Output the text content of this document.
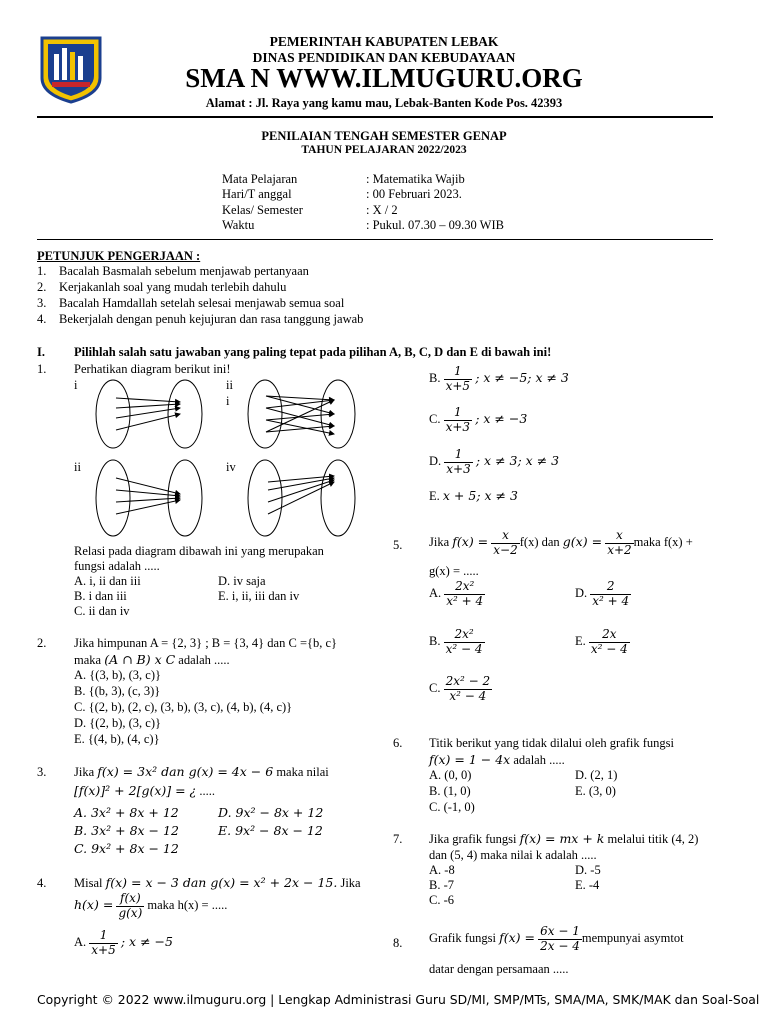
PEMERINTAH KABUPATEN LEBAK
DINAS PENDIDIKAN DAN KEBUDAYAAN
SMA N WWW.ILMUGURU.ORG
Alamat : Jl. Raya yang kamu mau, Lebak-Banten Kode Pos. 42393
PENILAIAN TENGAH SEMESTER GENAP
TAHUN PELAJARAN 2022/2023
Mata Pelajaran	: Matematika Wajib
Hari/T anggal	: 00 Februari 2023.
Kelas/ Semester	: X / 2
Waktu	: Pukul. 07.30 – 09.30 WIB
PETUNJUK PENGERJAAN :
1. Bacalah Basmalah sebelum menjawab pertanyaan
2. Kerjakanlah soal yang mudah terlebih dahulu
3. Bacalah Hamdallah setelah selesai menjawab semua soal
4. Bekerjalah dengan penuh kejujuran dan rasa tanggung jawab
I. Pilihlah salah satu jawaban yang paling tepat pada pilihan A, B, C, D dan E di bawah ini!
1. Perhatikan diagram berikut ini!
i	ii
i
ii	iv
Relasi pada diagram dibawah ini yang merupakan
fungsi adalah .....
A. i, ii dan iii	D. iv saja
B. i dan iii	E. i, ii, iii dan iv
C. ii dan iv
2. Jika himpunan A = {2, 3} ; B = {3, 4} dan C ={b, c}
maka (A ∩ B) x C adalah .....
A. {(3, b), (3, c)}
B. {(b, 3), (c, 3)}
C. {(2, b), (2, c), (3, b), (3, c), (4, b), (4, c)}
D. {(2, b), (3, c)}
E. {(4, b), (4, c)}
3. Jika f(x) = 3x² dan g(x) = 4x − 6 maka nilai
[f(x)]² + 2[g(x)] = ¿ .....
A. 3x² + 8x + 12	D. 9x² − 8x + 12
B. 3x² + 8x − 12	E. 9x² − 8x − 12
C. 9x² + 8x − 12
4. Misal f(x) = x − 3 dan g(x) = x² + 2x − 15. Jika
$h(x) = \frac{f(x)}{g(x)}$ maka h(x) = .....
A. $\frac{1}{x+5}$ ; x ≠ −5
B. $\frac{1}{x+5}$ ; x ≠ −5; x ≠ 3
C. $\frac{1}{x+3}$ ; x ≠ −3
D. $\frac{1}{x+3}$ ; x ≠ 3; x ≠ 3
E. x + 5; x ≠ 3
5. Jika $f(x) = \frac{x}{x-2} f(x)$ dan $g(x) = \frac{x}{x+2}$ maka f(x) +
g(x) = .....
A. $\frac{\text{2x²}}{\text{x² + 4}}$	D. $\frac{2}{\text{x² + 4}}$
B. $\frac{\text{2x²}}{\text{x² − 4}}$	E. $\frac{2x}{\text{x² − 4}}$
C. $\frac{\text{2x² − 2}}{\text{x² − 4}}$
6. Titik berikut yang tidak dilalui oleh grafik fungsi
f(x) = 1 − 4x adalah .....
A. (0, 0)	D. (2, 1)
B. (1, 0)	E. (3, 0)
C. (-1, 0)
7. Jika grafik fungsi f(x) = mx + k melalui titik (4, 2)
dan (5, 4) maka nilai k adalah .....
A. -8	D. -5
B. -7	E. -4
C. -6
8. Grafik fungsi $f(x) = \frac{6x - 1}{2x - 4}$ mempunyai asymtot
datar dengan persamaan .....
Copyright © 2022 www.ilmuguru.org | Lengkap Administrasi Guru SD/MI, SMP/MTs, SMA/MA, SMK/MAK dan Soal-Soal
